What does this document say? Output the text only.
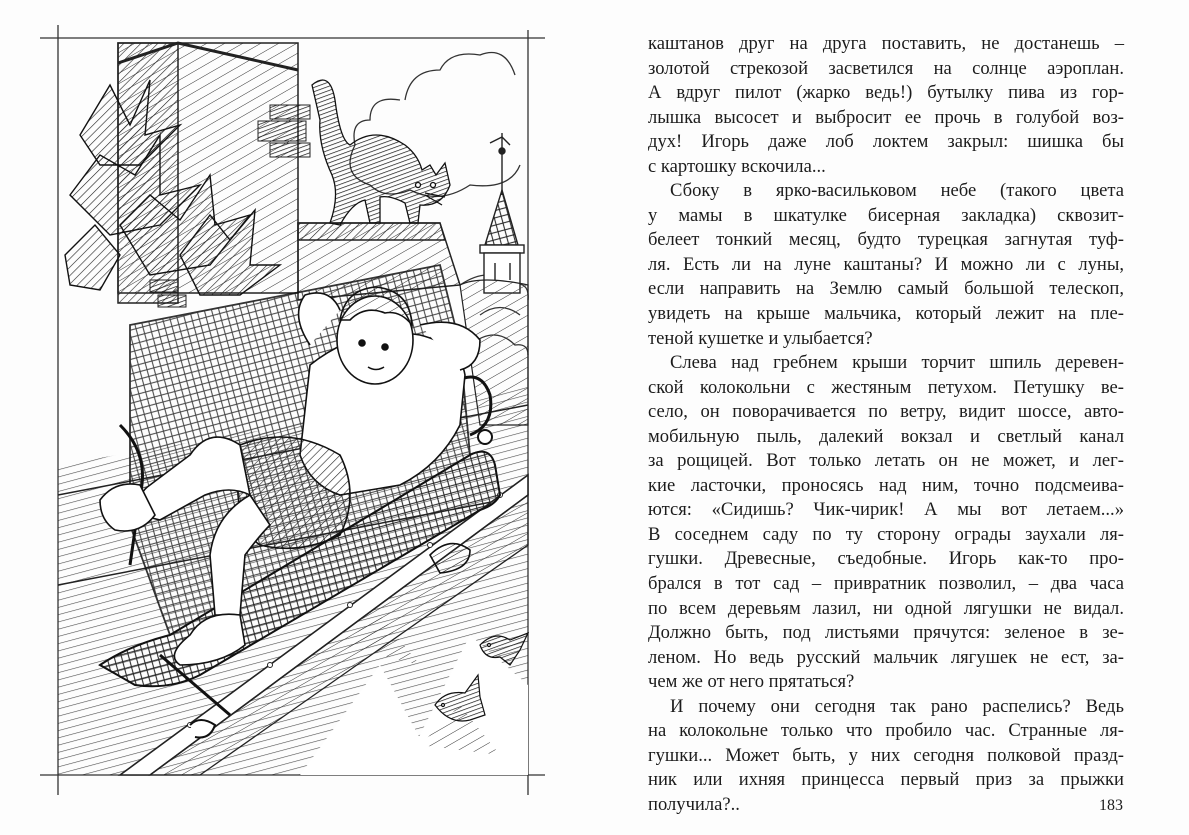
каштанов друг на друга поставить, не достанешь –
золотой стрекозой засветился на солнце аэроплан.
А вдруг пилот (жарко ведь!) бутылку пива из гор-
лышка высосет и выбросит ее прочь в голубой воз-
дух! Игорь даже лоб локтем закрыл: шишка бы
с картошку вскочила...
Сбоку в ярко-васильковом небе (такого цвета
у мамы в шкатулке бисерная закладка) сквозит-
белеет тонкий месяц, будто турецкая загнутая туф-
ля. Есть ли на луне каштаны? И можно ли с луны,
если направить на Землю самый большой телескоп,
увидеть на крыше мальчика, который лежит на пле-
теной кушетке и улыбается?
Слева над гребнем крыши торчит шпиль деревен-
ской колокольни с жестяным петухом. Петушку ве-
село, он поворачивается по ветру, видит шоссе, авто-
мобильную пыль, далекий вокзал и светлый канал
за рощицей. Вот только летать он не может, и лег-
кие ласточки, проносясь над ним, точно подсмеива-
ются: «Сидишь? Чик-чирик! А мы вот летаем...»
В соседнем саду по ту сторону ограды заухали ля-
гушки. Древесные, съедобные. Игорь как-то про-
брался в тот сад – привратник позволил, – два часа
по всем деревьям лазил, ни одной лягушки не видал.
Должно быть, под листьями прячутся: зеленое в зе-
леном. Но ведь русский мальчик лягушек не ест, за-
чем же от него прятаться?
И почему они сегодня так рано распелись? Ведь
на колокольне только что пробило час. Странные ля-
гушки... Может быть, у них сегодня полковой празд-
ник или ихняя принцесса первый приз за прыжки
получила?..	183
